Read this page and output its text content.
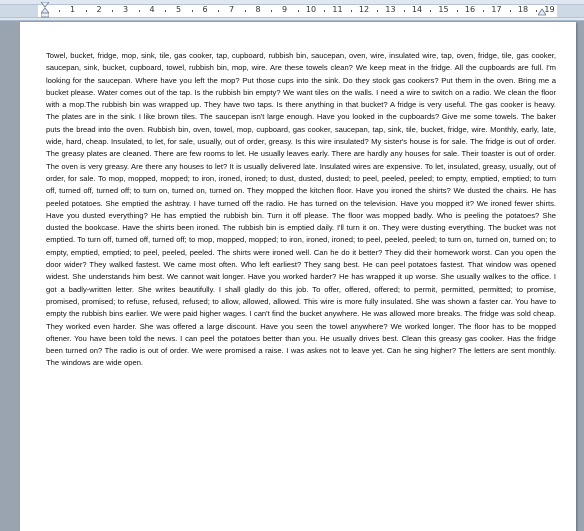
1	2	3	4	5	6	7	8	9 10 11 12 13 14 15 16 17 18 19

Towel, bucket, fridge, mop, sink, tile, gas cooker, tap, cupboard, rubbish bin, saucepan, oven, wire, insulated wire, tap, oven, fridge, tile, gas cooker, saucepan, sink, bucket, cupboard, towel, rubbish bin, mop, wire. Are these towels clean? We keep meat in the fridge. All the cupboards are full. I'm looking for the saucepan. Where have you left the mop? Put those cups into the sink. Do they stock gas cookers? Put them in the oven. Bring me a bucket please. Water comes out of the tap. Is the rubbish bin empty? We want tiles on the walls. I need a wire to switch on a radio. We clean the floor with a mop.The rubbish bin was wrapped up. They have two taps. Is there anything in that bucket? A fridge is very useful. The gas cooker is heavy. The plates are in the sink. I like brown tiles. The saucepan isn't large enough. Have you looked in the cupboards? Give me some towels. The baker puts the bread into the oven. Rubbish bin, oven, towel, mop, cupboard, gas cooker, saucepan, tap, sink, tile, bucket, fridge, wire. Monthly, early, late, wide, hard, cheap. Insulated, to let, for sale, usually, out of order, greasy. Is this wire insulated? My sister's house is for sale. The fridge is out of order. The greasy plates are cleaned. There are few rooms to let. He usually leaves early. There are hardly any houses for sale. Their toaster is out of order. The oven is very greasy. Are there any houses to let? It is usually delivered late. Insulated wires are expensive. To let, insulated, greasy, usually, out of order, for sale. To mop, mopped, mopped; to iron, ironed, ironed; to dust, dusted, dusted; to peel, peeled, peeled; to empty, emptied, emptied; to turn off, turned off, turned off; to turn on, turned on, turned on. They mopped the kitchen floor. Have you ironed the shirts? We dusted the chairs. He has peeled potatoes. She emptied the ashtray. I have turned off the radio. He has turned on the television. Have you mopped it? We ironed fewer shirts. Have you dusted everything? He has emptied the rubbish bin. Turn it off please. The floor was mopped badly. Who is peeling the potatoes? She dusted the bookcase. Have the shirts been ironed. The rubbish bin is emptied daily. I'll turn it on. They were dusting everything. The bucket was not emptied. To turn off, turned off, turned off; to mop, mopped, mopped; to iron, ironed, ironed; to peel, peeled, peeled; to turn on, turned on, turned on; to empty, emptied, emptied; to peel, peeled, peeled. The shirts were ironed well. Can he do it better? They did their homework worst. Can you open the door wider? They walked fastest. We came most often. Who left earliest? They sang best. He can peel potatoes fastest. That window was opened widest. She understands him best. We cannot wait longer. Have you worked harder? He has wrapped it up worse. She usually walkes to the office. I got a badly-written letter. She writes beautifully. I shall gladly do this job. To offer, offered, offered; to permit, permitted, permitted; to promise, promised, promised; to refuse, refused, refused; to allow, allowed, allowed. This wire is more fully insulated. She was shown a faster car. You have to empty the rubbish bins earlier. We were paid higher wages. I can't find the bucket anywhere. He was allowed more breaks. The fridge was sold cheap. They worked even harder. She was offered a large discount. Have you seen the towel anywhere? We worked longer. The floor has to be mopped oftener. You have been told the news. I can peel the potatoes better than you. He usually drives best. Clean this greasy gas cooker. Has the fridge been turned on? The radio is out of order. We were promised a raise. I was askes not to leave yet. Can he sing higher? The letters are sent monthly. The windows are wide open.
